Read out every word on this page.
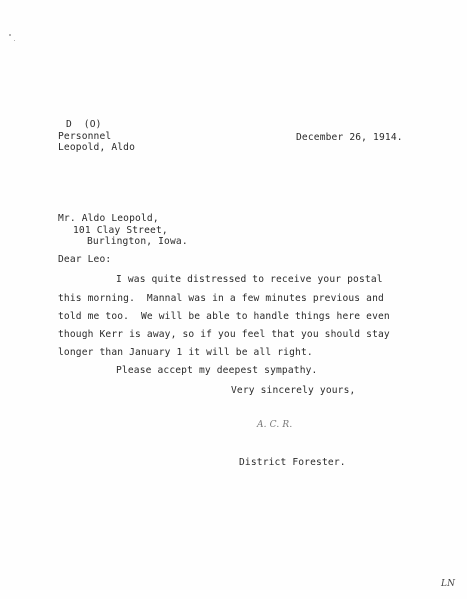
D  (O)
Personnel
Leopold, Aldo
December 26, 1914.
Mr. Aldo Leopold,
101 Clay Street,
Burlington, Iowa.
Dear Leo:
I was quite distressed to receive your postal
this morning.  Mannal was in a few minutes previous and
told me too.  We will be able to handle things here even
though Kerr is away, so if you feel that you should stay
longer than January 1 it will be all right.
Please accept my deepest sympathy.
Very sincerely yours,
A. C. R.
District Forester.
LN
